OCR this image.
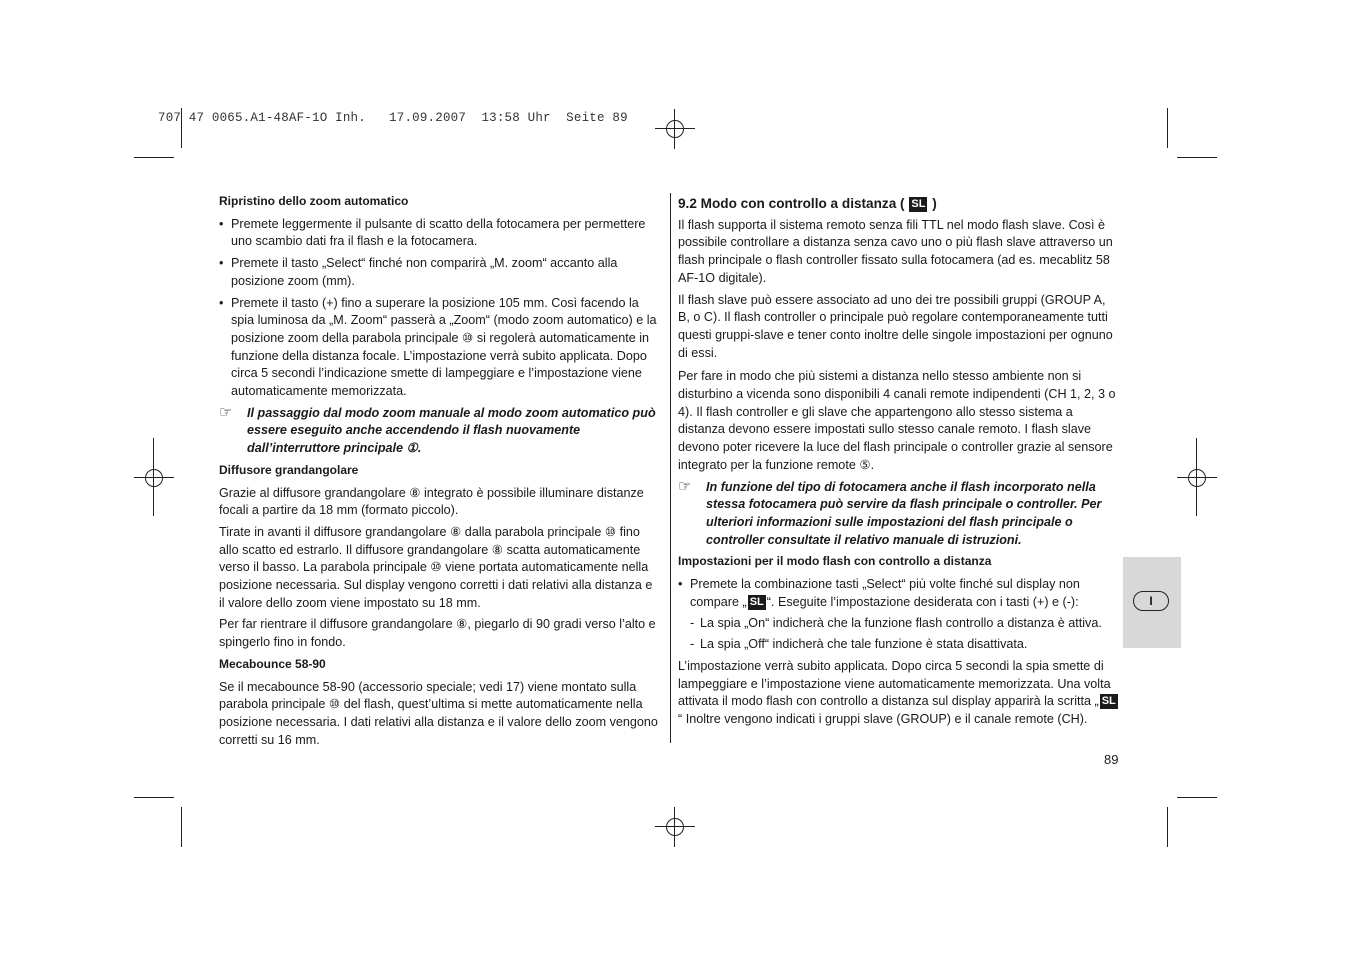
707 47 0065.A1-48AF-1O Inh.   17.09.2007  13:58 Uhr  Seite 89
Ripristino dello zoom automatico
• Premete leggermente il pulsante di scatto della fotocamera per permettere uno scambio dati fra il flash e la fotocamera.
• Premete il tasto „Select“ finché non comparirà „M. zoom“ accanto alla posizione zoom (mm).
• Premete il tasto (+) fino a superare la posizione 105 mm. Così facendo la spia luminosa da „M. Zoom“ passerà a „Zoom“ (modo zoom automatico) e la posizione zoom della parabola principale ⑩ si regolerà automaticamente in funzione della distanza focale. L’impostazione verrà subito applicata. Dopo circa 5 secondi l’indicazione smette di lampeggiare e l’impostazione viene automaticamente memorizzata.
☞ Il passaggio dal modo zoom manuale al modo zoom automatico può essere eseguito anche accendendo il flash nuovamente dall’interruttore principale ①.
Diffusore grandangolare

Grazie al diffusore grandangolare ⑧ integrato è possibile illuminare distanze focali a partire da 18 mm (formato piccolo).

Tirate in avanti il diffusore grandangolare ⑧ dalla parabola principale ⑩ fino allo scatto ed estrarlo. Il diffusore grandangolare ⑧ scatta automaticamente verso il basso. La parabola principale ⑩ viene portata automaticamente nella posizione necessaria. Sul display vengono corretti i dati relativi alla distanza e il valore dello zoom viene impostato su 18 mm.

Per far rientrare il diffusore grandangolare ⑧, piegarlo di 90 gradi verso l’alto e spingerlo fino in fondo.

Mecabounce 58-90

Se il mecabounce 58-90 (accessorio speciale; vedi 17) viene montato sulla parabola principale ⑩ del flash, quest’ultima si mette automaticamente nella posizione necessaria. I dati relativi alla distanza e il valore dello zoom vengono corretti su 16 mm.

9.2 Modo con controllo a distanza ( SL )

Il flash supporta il sistema remoto senza fili TTL nel modo flash slave. Così è possibile controllare a distanza senza cavo uno o più flash slave attraverso un flash principale o flash controller fissato sulla fotocamera (ad es. mecablitz 58 AF-1O digitale).

Il flash slave può essere associato ad uno dei tre possibili gruppi (GROUP A, B, o C). Il flash controller o principale può regolare contemporaneamente tutti questi gruppi-slave e tener conto inoltre delle singole impostazioni per ognuno di essi.

Per fare in modo che più sistemi a distanza nello stesso ambiente non si disturbino a vicenda sono disponibili 4 canali remote indipendenti (CH 1, 2, 3 o 4). Il flash controller e gli slave che appartengono allo stesso sistema a distanza devono essere impostati sullo stesso canale remoto. I flash slave devono poter ricevere la luce del flash principale o controller grazie al sensore integrato per la funzione remote ⑤.

☞ In funzione del tipo di fotocamera anche il flash incorporato nella stessa fotocamera può servire da flash principale o controller. Per ulteriori informazioni sulle impostazioni del flash principale o controller consultate il relativo manuale di istruzioni.
Impostazioni per il modo flash con controllo a distanza
• Premete la combinazione tasti „Select“ più volte finché sul display non compare „ SL “. Eseguite l’impostazione desiderata con i tasti (+) e (-):
- La spia „On“ indicherà che la funzione flash controllo a distanza è attiva.
- La spia „Off“ indicherà che tale funzione è stata disattivata.

L’impostazione verrà subito applicata. Dopo circa 5 secondi la spia smette di lampeggiare e l’impostazione viene automaticamente memorizzata. Una volta attivata il modo flash con controllo a distanza sul display apparirà la scritta „ SL“ Inoltre vengono indicati i gruppi slave (GROUP) e il canale remote (CH).

I
89
